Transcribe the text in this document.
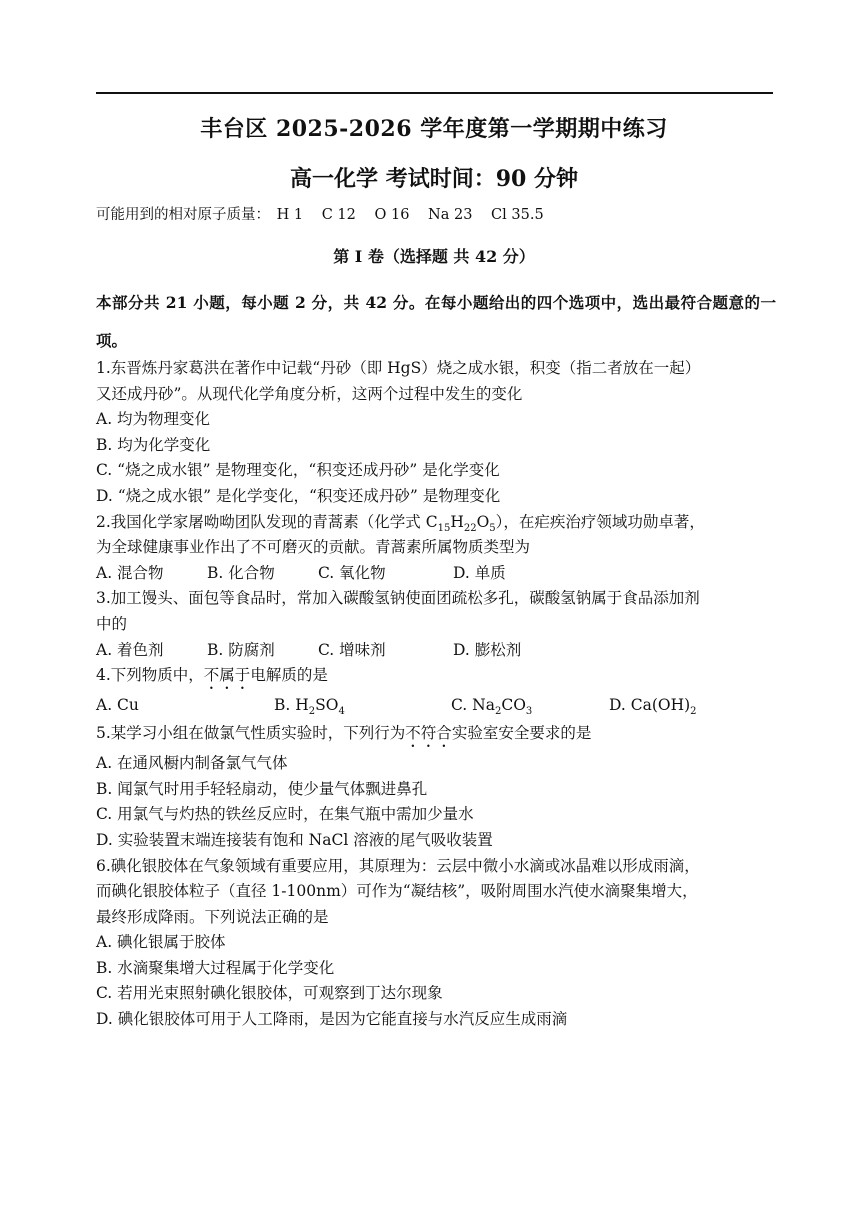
丰台区 2025-2026 学年度第一学期期中练习
高一化学 考试时间：90 分钟
可能用到的相对原子质量： H 1 C 12 O 16 Na 23 Cl 35.5
第 I 卷（选择题 共 42 分）
本部分共 21 小题，每小题 2 分，共 42 分。在每小题给出的四个选项中，选出最符合题意的一项。
1.东晋炼丹家葛洪在著作中记载“丹砂（即 HgS）烧之成水银，积变（指二者放在一起）
又还成丹砂”。从现代化学角度分析，这两个过程中发生的变化
A. 均为物理变化
B. 均为化学变化
C. “烧之成水银” 是物理变化，“积变还成丹砂” 是化学变化
D. “烧之成水银” 是化学变化，“积变还成丹砂” 是物理变化
2.我国化学家屠呦呦团队发现的青蒿素（化学式 $C_{15}H_{22}O_5$），在疟疾治疗领域功勋卓著，
为全球健康事业作出了不可磨灭的贡献。青蒿素所属物质类型为
A. 混合物	B. 化合物	C. 氧化物	D. 单质
3.加工馒头、面包等食品时，常加入碳酸氢钠使面团疏松多孔，碳酸氢钠属于食品添加剂
中的
A. 着色剂	B. 防腐剂	C. 增味剂	D. 膨松剂
4.下列物质中，不属于电解质的是
A. Cu	B. $H_2SO_4$	C. $Na_2CO_3$	D. $Ca(OH)_2$
5.某学习小组在做氯气性质实验时，下列行为不符合实验室安全要求的是
A. 在通风橱内制备氯气气体
B. 闻氯气时用手轻轻扇动，使少量气体飘进鼻孔
C. 用氯气与灼热的铁丝反应时，在集气瓶中需加少量水
D. 实验装置末端连接装有饱和 NaCl 溶液的尾气吸收装置
6.碘化银胶体在气象领域有重要应用，其原理为：云层中微小水滴或冰晶难以形成雨滴，
而碘化银胶体粒子（直径 1-100nm）可作为“凝结核”，吸附周围水汽使水滴聚集增大，
最终形成降雨。下列说法正确的是
A. 碘化银属于胶体
B. 水滴聚集增大过程属于化学变化
C. 若用光束照射碘化银胶体，可观察到丁达尔现象
D. 碘化银胶体可用于人工降雨，是因为它能直接与水汽反应生成雨滴
